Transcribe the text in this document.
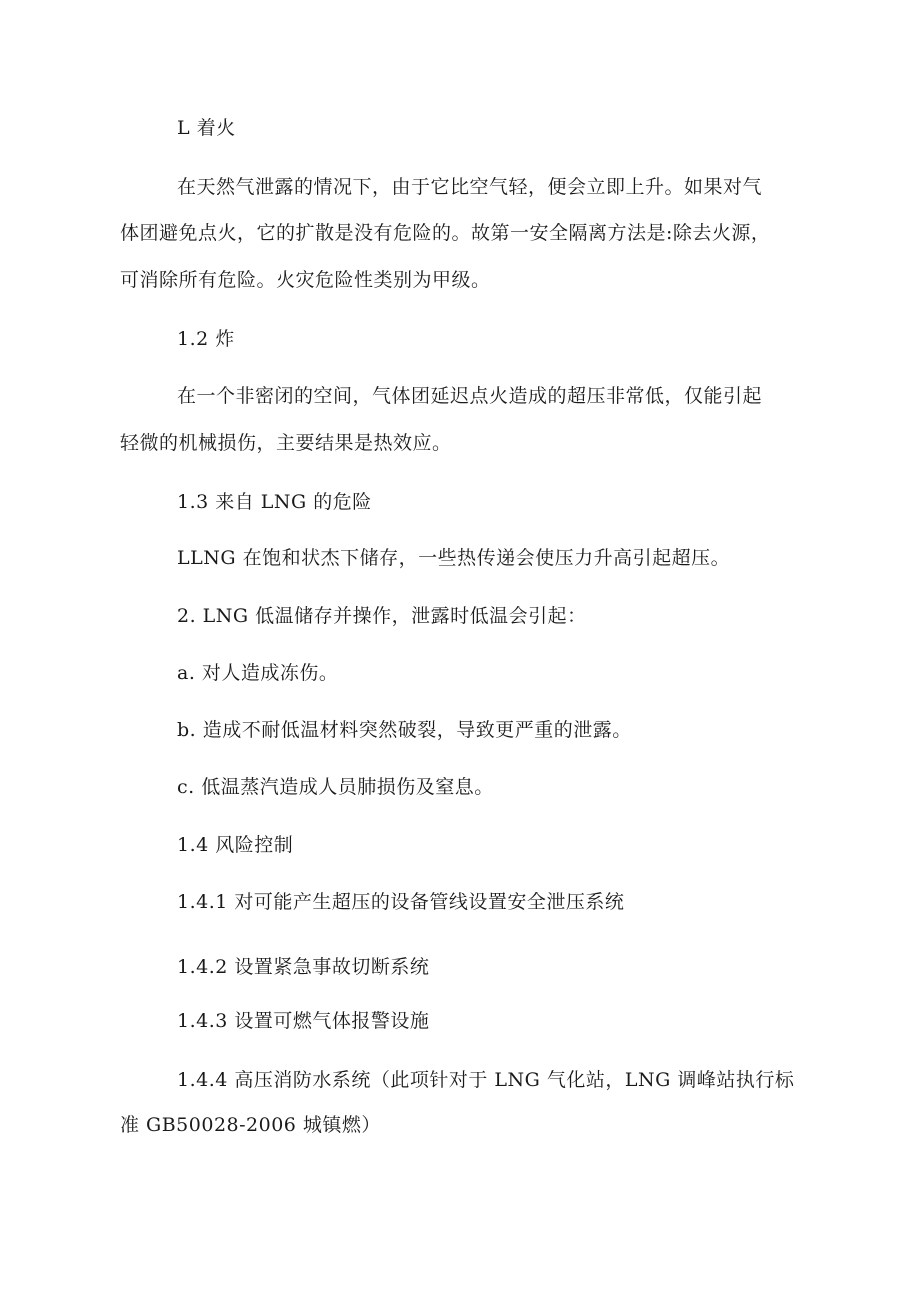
L 着火
在天然气泄露的情况下，由于它比空气轻，便会立即上升。如果对气
体团避免点火，它的扩散是没有危险的。故第一安全隔离方法是:除去火源，
可消除所有危险。火灾危险性类别为甲级。
1.2 炸
在一个非密闭的空间，气体团延迟点火造成的超压非常低，仅能引起
轻微的机械损伤，主要结果是热效应。
1.3 来自 LNG 的危险
LLNG 在饱和状杰下储存，一些热传递会使压力升高引起超压。
2. LNG 低温储存并操作，泄露时低温会引起：
a. 对人造成冻伤。
b. 造成不耐低温材料突然破裂，导致更严重的泄露。
c. 低温蒸汽造成人员肺损伤及窒息。
1.4 风险控制
1.4.1 对可能产生超压的设备管线设置安全泄压系统
1.4.2 设置紧急事故切断系统
1.4.3 设置可燃气体报警设施
1.4.4 高压消防水系统（此项针对于 LNG 气化站，LNG 调峰站执行标
准 GB50028-2006 城镇燃）
